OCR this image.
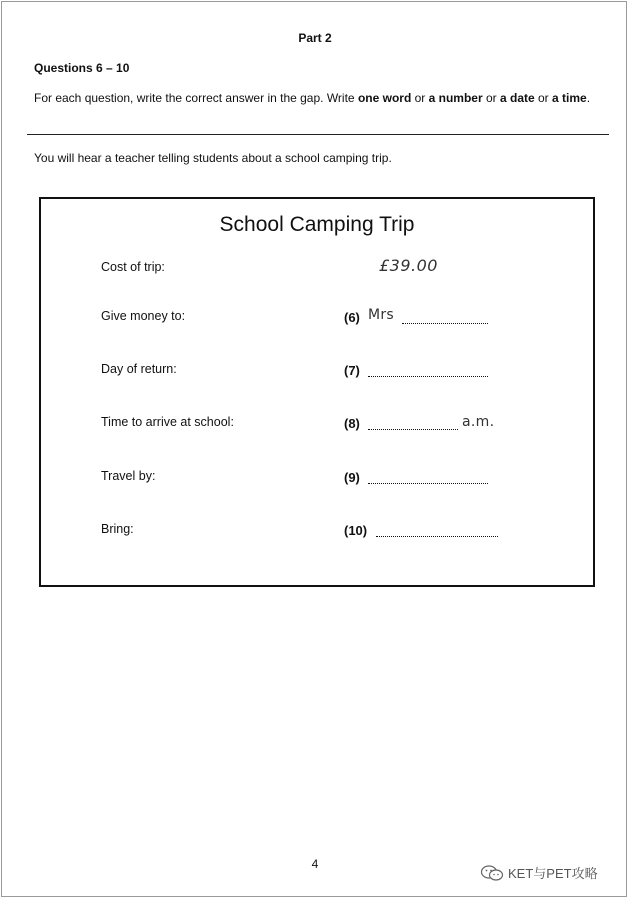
Part 2
Questions 6 – 10
For each question, write the correct answer in the gap. Write one word or a number or a date or a time.
You will hear a teacher telling students about a school camping trip.
School Camping Trip
Cost of trip:	£39.00
Give money to:	(6) Mrs
Day of return:	(7)
Time to arrive at school:	(8)	a.m.
Travel by:	(9)
Bring:	(10)
4
KET与PET攻略
